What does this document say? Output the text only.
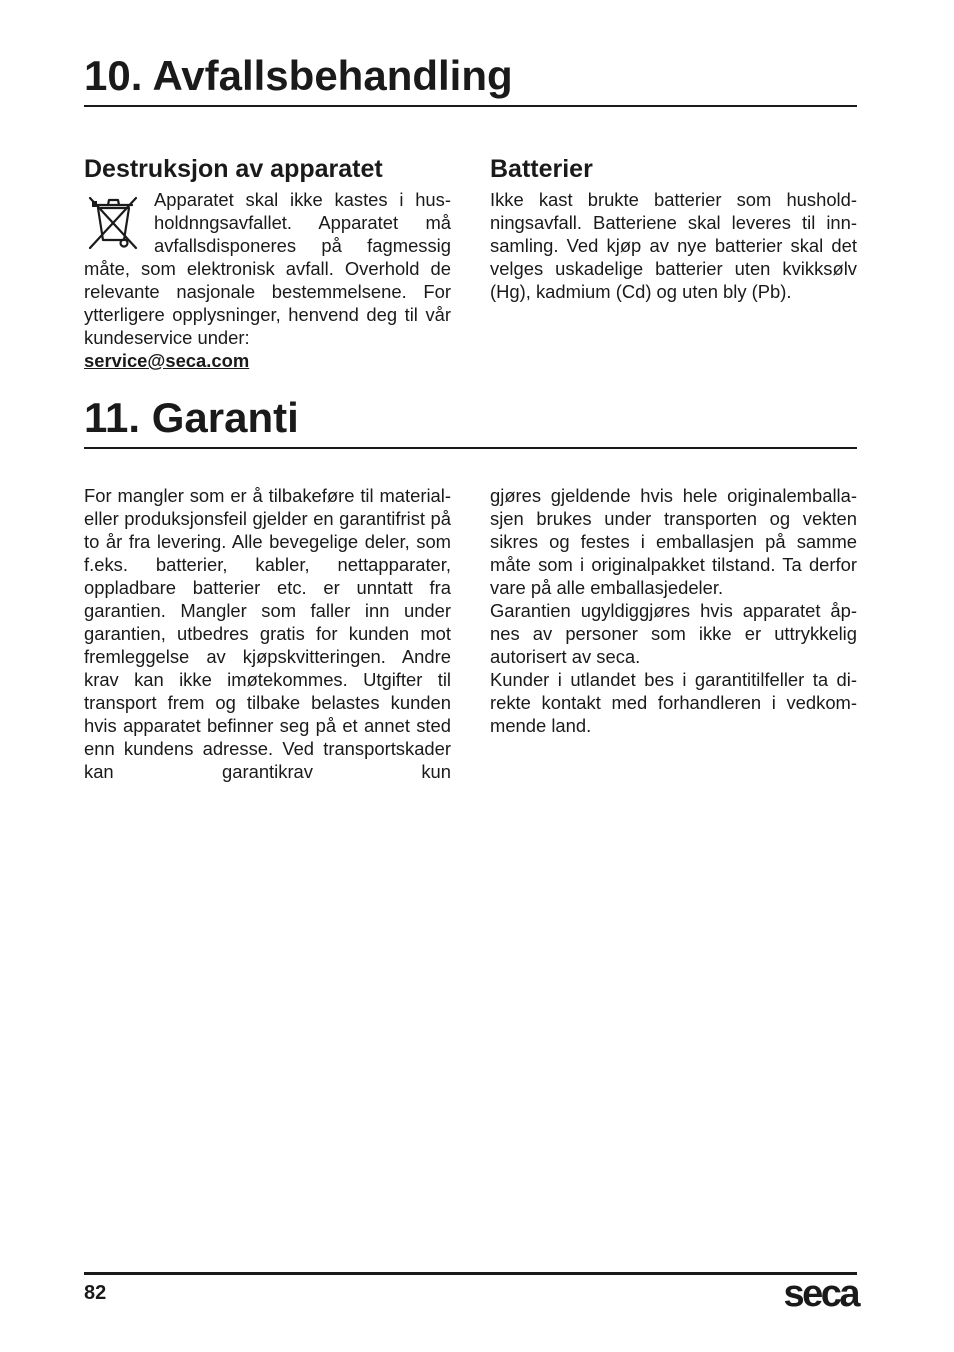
10. Avfallsbehandling
Destruksjon av apparatet

Apparatet skal ikke kastes i husholdnngsavfallet. Apparatet må avfallsdisponeres på fagmessig måte, som elektronisk avfall. Overhold de relevante nasjonale bestemmelsene. For ytterligere opplysninger, henvend deg til vår kundeservice under:

service@seca.com
Batterier

Ikke kast brukte batterier som husholdningsavfall. Batteriene skal leveres til innsamling. Ved kjøp av nye batterier skal det velges uskadelige batterier uten kvikksølv (Hg), kadmium (Cd) og uten bly (Pb).

11. Garanti

For mangler som er å tilbakeføre til material- eller produksjonsfeil gjelder en garantifrist på to år fra levering. Alle bevegelige deler, som f.eks. batterier, kabler, nettapparater, oppladbare batterier etc. er unntatt fra garantien. Mangler som faller inn under garantien, utbedres gratis for kunden mot fremleggelse av kjøpskvitteringen. Andre krav kan ikke imøtekommes. Utgifter til transport frem og tilbake belastes kunden hvis apparatet befinner seg på et annet sted enn kundens adresse. Ved transportskader kan garantikrav kun

gjøres gjeldende hvis hele originalemballasjen brukes under transporten og vekten sikres og festes i emballasjen på samme måte som i originalpakket tilstand. Ta derfor vare på alle emballasjedeler.

Garantien ugyldiggjøres hvis apparatet åpnes av personer som ikke er uttrykkelig autorisert av seca.

Kunder i utlandet bes i garantitilfeller ta direkte kontakt med forhandleren i vedkommende land.

82	seca
